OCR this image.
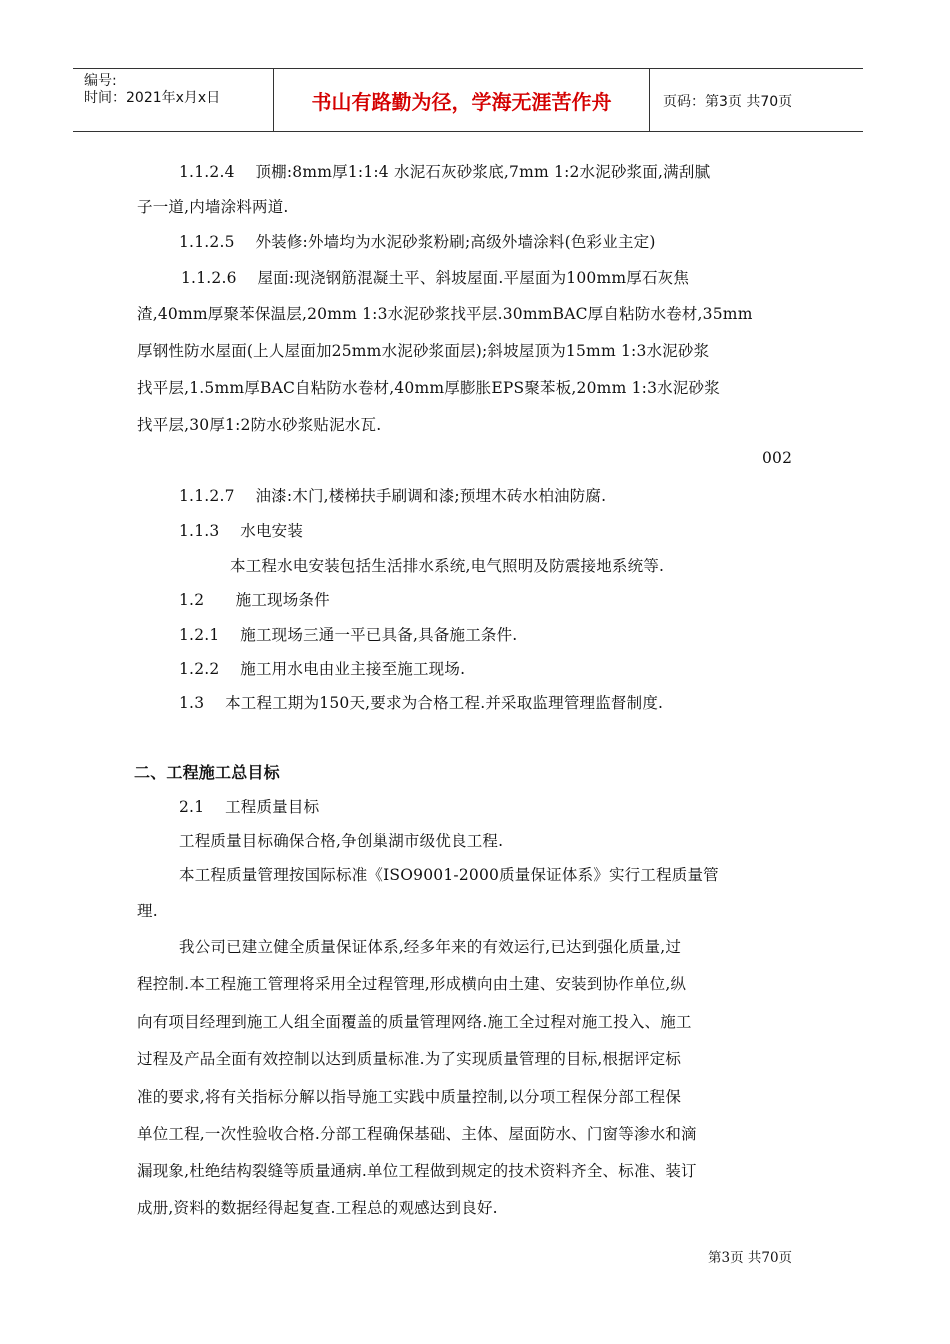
编号:
时间：2021年x月x日	书山有路勤为径，学海无涯苦作舟	页码：第3页 共70页
1.1.2.4　 顶棚:8mm厚1:1:4 水泥石灰砂浆底,7mm 1:2水泥砂浆面,满刮腻
子一道,内墙涂料两道.
1.1.2.5　 外装修:外墙均为水泥砂浆粉刷;高级外墙涂料(色彩业主定)
1.1.2.6　 屋面:现浇钢筋混凝土平、斜坡屋面.平屋面为100mm厚石灰焦
渣,40mm厚聚苯保温层,20mm 1:3水泥砂浆找平层.30mmBAC厚自粘防水卷材,35mm
厚钢性防水屋面(上人屋面加25mm水泥砂浆面层);斜坡屋顶为15mm 1:3水泥砂浆
找平层,1.5mm厚BAC自粘防水卷材,40mm厚膨胀EPS聚苯板,20mm 1:3水泥砂浆
找平层,30厚1:2防水砂浆贴泥水瓦.
002
1.1.2.7　 油漆:木门,楼梯扶手刷调和漆;预埋木砖水柏油防腐.
1.1.3　 水电安装
本工程水电安装包括生活排水系统,电气照明及防震接地系统等.
1.2　　施工现场条件
1.2.1　 施工现场三通一平已具备,具备施工条件.
1.2.2　 施工用水电由业主接至施工现场.
1.3　 本工程工期为150天,要求为合格工程.并采取监理管理监督制度.
二、工程施工总目标
2.1　 工程质量目标
工程质量目标确保合格,争创巢湖市级优良工程.
本工程质量管理按国际标准《ISO9001-2000质量保证体系》实行工程质量管
理.
我公司已建立健全质量保证体系,经多年来的有效运行,已达到强化质量,过
程控制.本工程施工管理将采用全过程管理,形成横向由土建、安装到协作单位,纵
向有项目经理到施工人组全面覆盖的质量管理网络.施工全过程对施工投入、施工
过程及产品全面有效控制以达到质量标准.为了实现质量管理的目标,根据评定标
准的要求,将有关指标分解以指导施工实践中质量控制,以分项工程保分部工程保
单位工程,一次性验收合格.分部工程确保基础、主体、屋面防水、门窗等渗水和滴
漏现象,杜绝结构裂缝等质量通病.单位工程做到规定的技术资料齐全、标准、装订
成册,资料的数据经得起复查.工程总的观感达到良好.
第3页 共70页
